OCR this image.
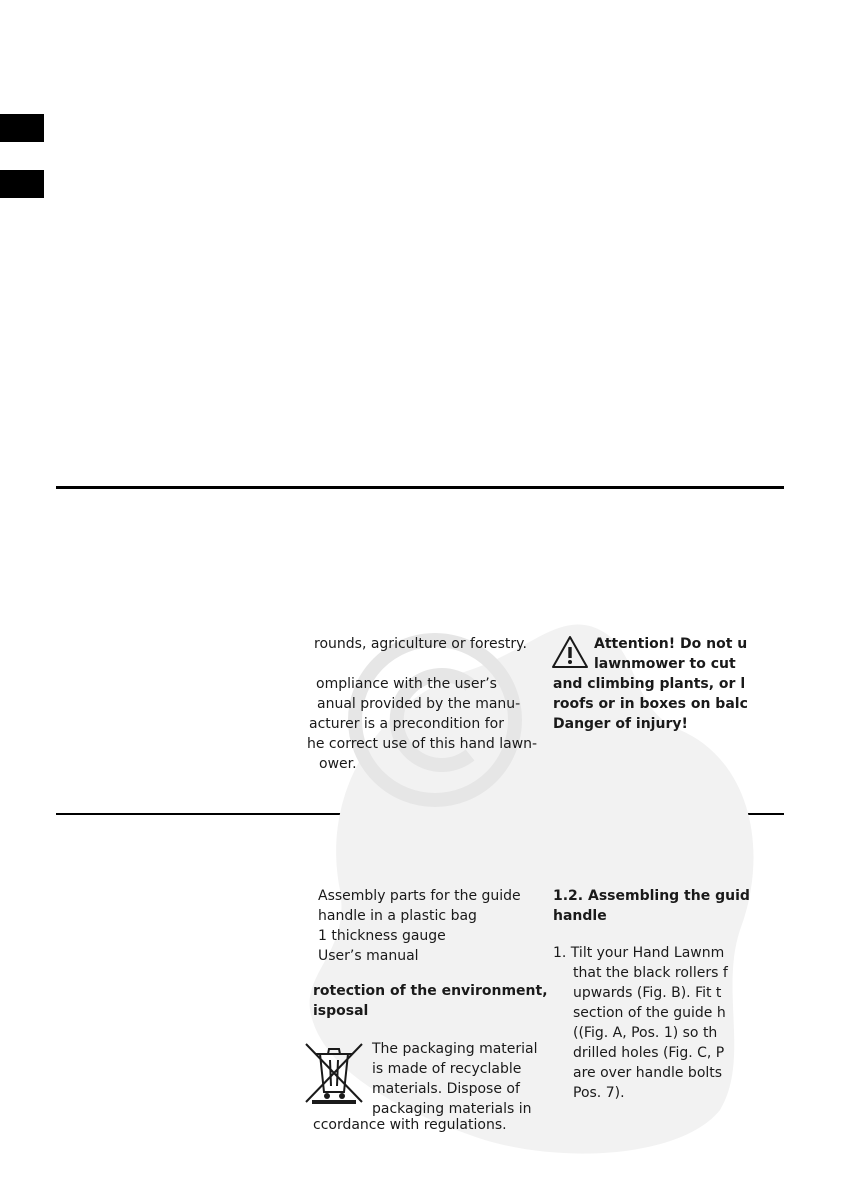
rounds, agriculture or forestry.
ompliance with the user’s
anual provided by the manu-
acturer is a precondition for
he correct use of this hand lawn-
ower.
Attention! Do not u
lawnmower to cut
and climbing plants, or l
roofs or in boxes on balc
Danger of injury!
Assembly parts for the guide
handle in a plastic bag
1 thickness gauge
User’s manual
rotection of the environment,
isposal
The packaging material
is made of recyclable
materials. Dispose of
packaging materials in
ccordance with regulations.
1.2. Assembling the guid
handle
1. Tilt your Hand Lawnm
that the black rollers f
upwards (Fig. B). Fit t
section of the guide h
((Fig. A, Pos. 1) so th
drilled holes (Fig. C, P
are over handle bolts
Pos. 7).
